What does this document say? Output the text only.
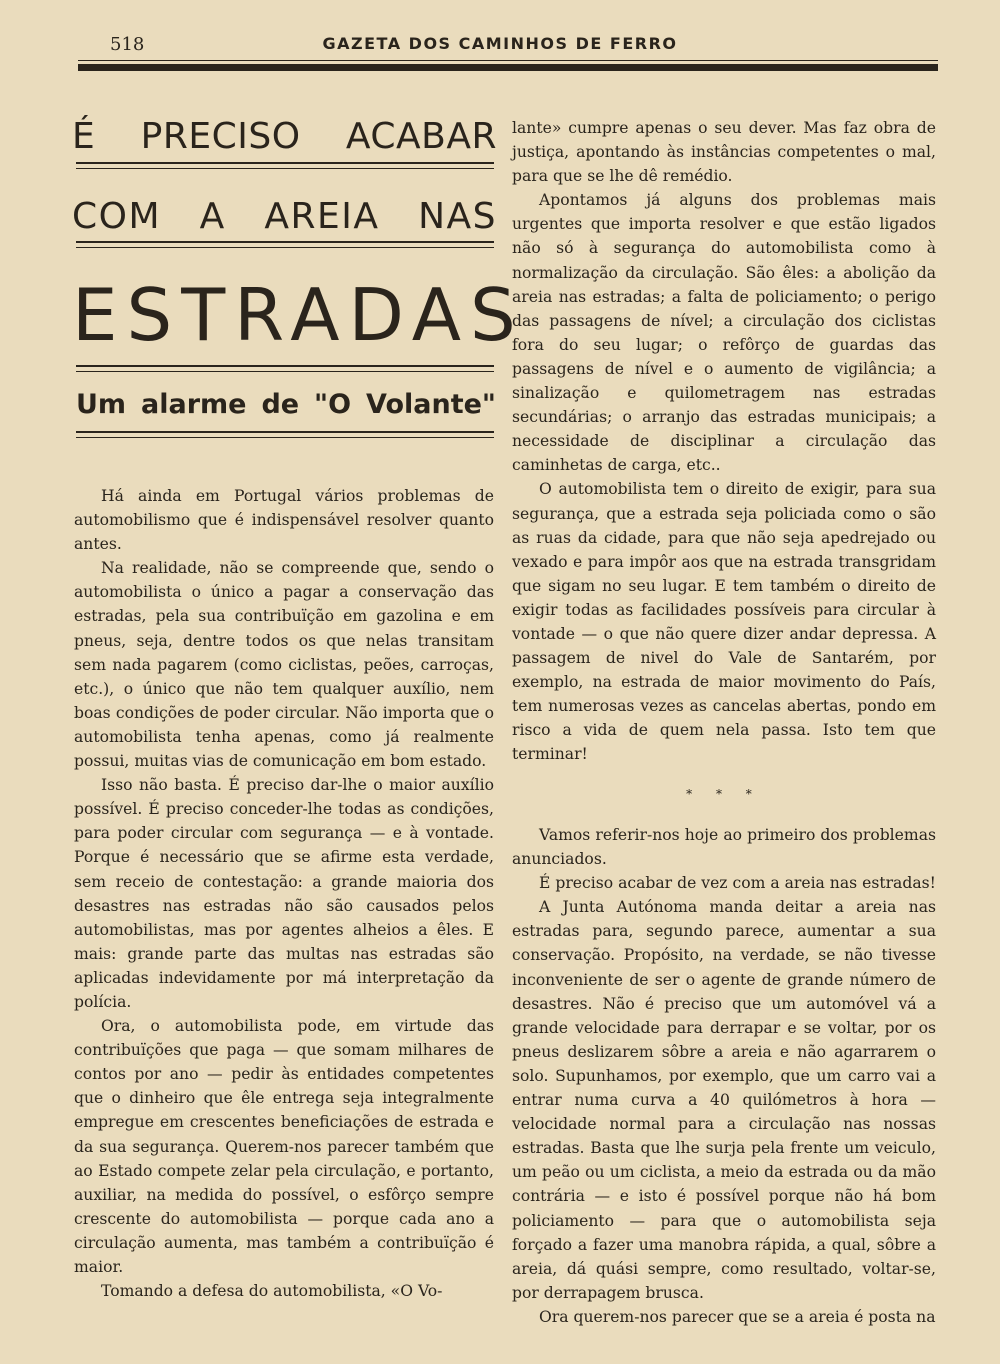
518	GAZETA DOS CAMINHOS DE FERRO
É PRECISO ACABAR
COM A AREIA NAS
ESTRADAS
Um alarme de "O Volante"

Há ainda em Portugal vários problemas de automobilismo que é indispensável resolver quanto antes.

Na realidade, não se compreende que, sendo o automobilista o único a pagar a conservação das estradas, pela sua contribuïção em gazolina e em pneus, seja, dentre todos os que nelas transitam sem nada pagarem (como ciclistas, peões, carroças, etc.), o único que não tem qualquer auxílio, nem boas condições de poder circular. Não importa que o automobilista tenha apenas, como já realmente possui, muitas vias de comunicação em bom estado.

Isso não basta. É preciso dar-lhe o maior auxílio possível. É preciso conceder-lhe todas as condições, para poder circular com segurança — e à vontade. Porque é necessário que se afirme esta verdade, sem receio de contestação: a grande maioria dos desastres nas estradas não são causados pelos automobilistas, mas por agentes alheios a êles. E mais: grande parte das multas nas estradas são aplicadas indevidamente por má interpretação da polícia.

Ora, o automobilista pode, em virtude das contribuïções que paga — que somam milhares de contos por ano — pedir às entidades competentes que o dinheiro que êle entrega seja integralmente empregue em crescentes beneficiações de estrada e da sua segurança. Querem-nos parecer também que ao Estado compete zelar pela circulação, e portanto, auxiliar, na medida do possível, o esfôrço sempre crescente do automobilista — porque cada ano a circulação aumenta, mas também a contribuïção é maior.

Tomando a defesa do automobilista, «O Vo-

lante» cumpre apenas o seu dever. Mas faz obra de justiça, apontando às instâncias competentes o mal, para que se lhe dê remédio.

Apontamos já alguns dos problemas mais urgentes que importa resolver e que estão ligados não só à segurança do automobilista como à normalização da circulação. São êles: a abolição da areia nas estradas; a falta de policiamento; o perigo das passagens de nível; a circulação dos ciclistas fora do seu lugar; o refôrço de guardas das passagens de nível e o aumento de vigilância; a sinalização e quilometragem nas estradas secundárias; o arranjo das estradas municipais; a necessidade de disciplinar a circulação das caminhetas de carga, etc..

O automobilista tem o direito de exigir, para sua segurança, que a estrada seja policiada como o são as ruas da cidade, para que não seja apedrejado ou vexado e para impôr aos que na estrada transgridam que sigam no seu lugar. E tem também o direito de exigir todas as facilidades possíveis para circular à vontade — o que não quere dizer andar depressa. A passagem de nivel do Vale de Santarém, por exemplo, na estrada de maior movimento do País, tem numerosas vezes as cancelas abertas, pondo em risco a vida de quem nela passa. Isto tem que terminar!

* * *

Vamos referir-nos hoje ao primeiro dos problemas anunciados.

É preciso acabar de vez com a areia nas estradas!

A Junta Autónoma manda deitar a areia nas estradas para, segundo parece, aumentar a sua conservação. Propósito, na verdade, se não tivesse inconveniente de ser o agente de grande número de desastres. Não é preciso que um automóvel vá a grande velocidade para derrapar e se voltar, por os pneus deslizarem sôbre a areia e não agarrarem o solo. Supunhamos, por exemplo, que um carro vai a entrar numa curva a 40 quilómetros à hora — velocidade normal para a circulação nas nossas estradas. Basta que lhe surja pela frente um veiculo, um peão ou um ciclista, a meio da estrada ou da mão contrária — e isto é possível porque não há bom policiamento — para que o automobilista seja forçado a fazer uma manobra rápida, a qual, sôbre a areia, dá quási sempre, como resultado, voltar-se, por derrapagem brusca.

Ora querem-nos parecer que se a areia é posta na
